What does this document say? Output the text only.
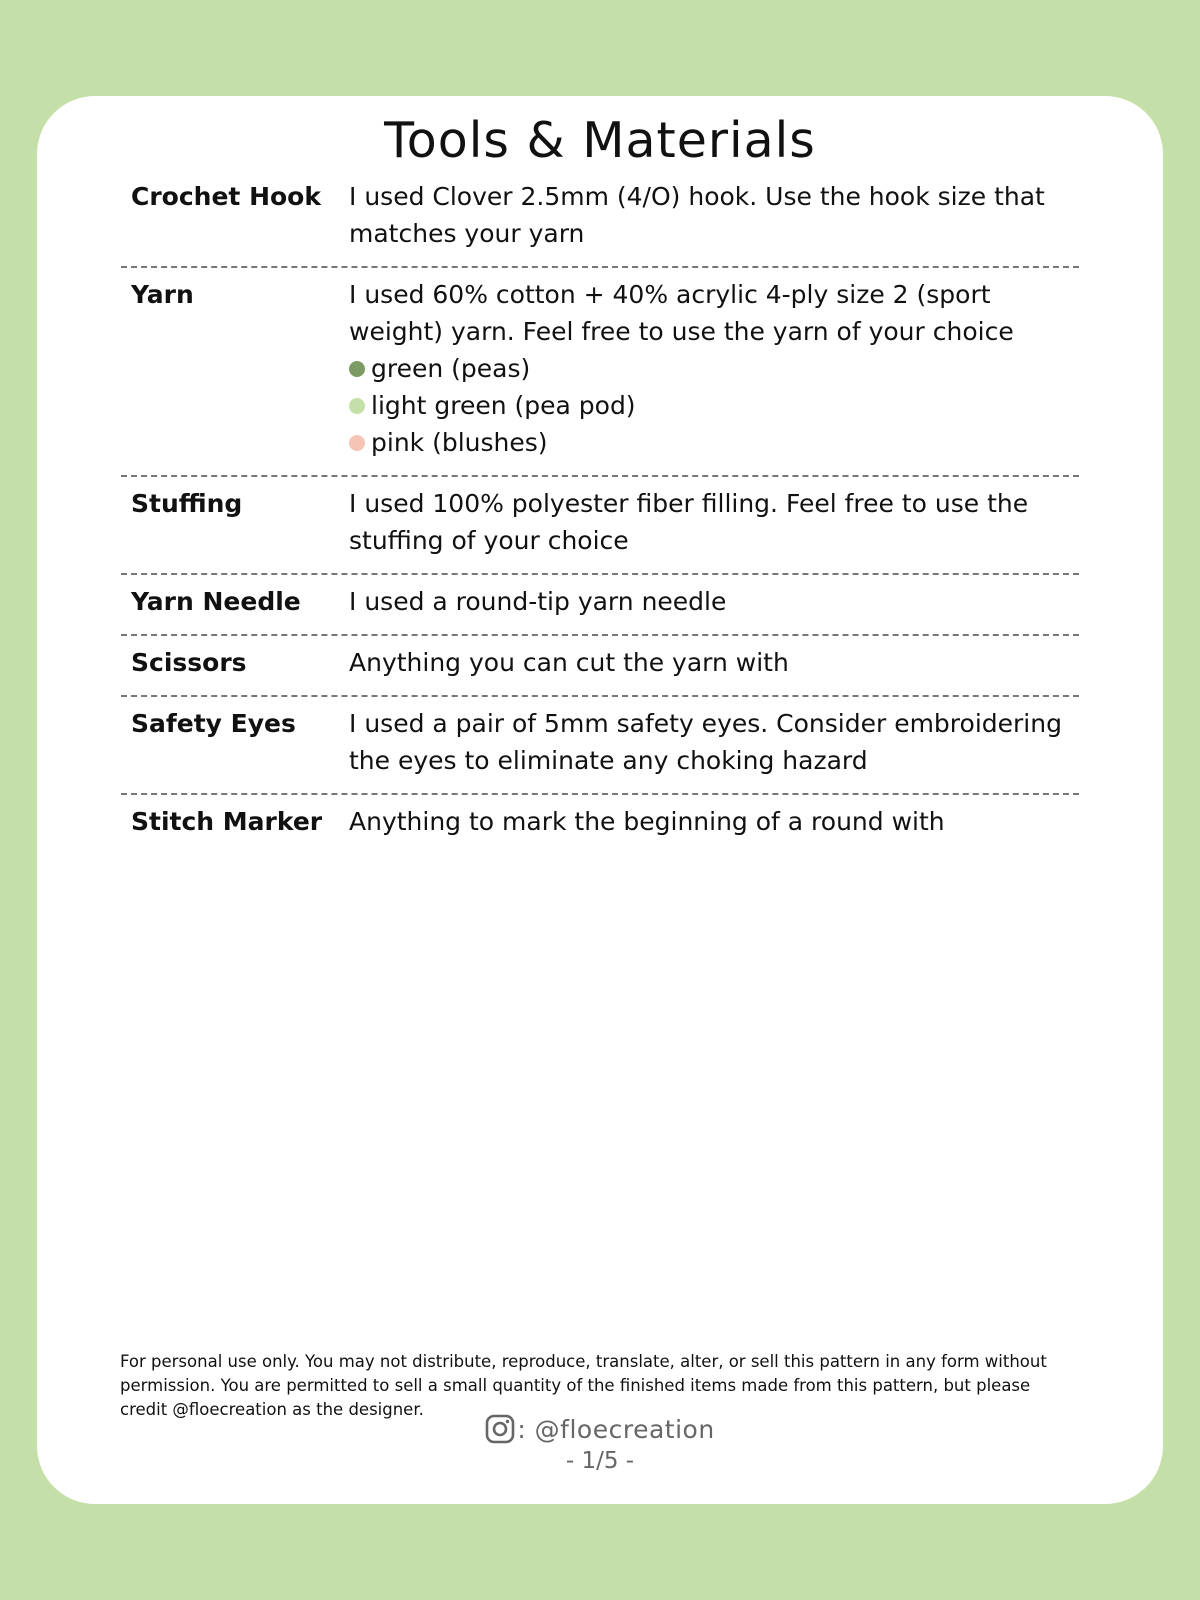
Tools & Materials
Crochet Hook	I used Clover 2.5mm (4/O) hook. Use the hook size that matches your yarn
Yarn	I used 60% cotton + 40% acrylic 4-ply size 2 (sport weight) yarn. Feel free to use the yarn of your choice
green (peas)
light green (pea pod)
pink (blushes)
Stuffing	I used 100% polyester fiber filling. Feel free to use the stuffing of your choice
Yarn Needle	I used a round-tip yarn needle
Scissors	Anything you can cut the yarn with
Safety Eyes	I used a pair of 5mm safety eyes. Consider embroidering the eyes to eliminate any choking hazard
Stitch Marker	Anything to mark the beginning of a round with
For personal use only. You may not distribute, reproduce, translate, alter, or sell this pattern in any form without permission. You are permitted to sell a small quantity of the finished items made from this pattern, but please credit @floecreation as the designer.
: @floecreation
- 1/5 -
